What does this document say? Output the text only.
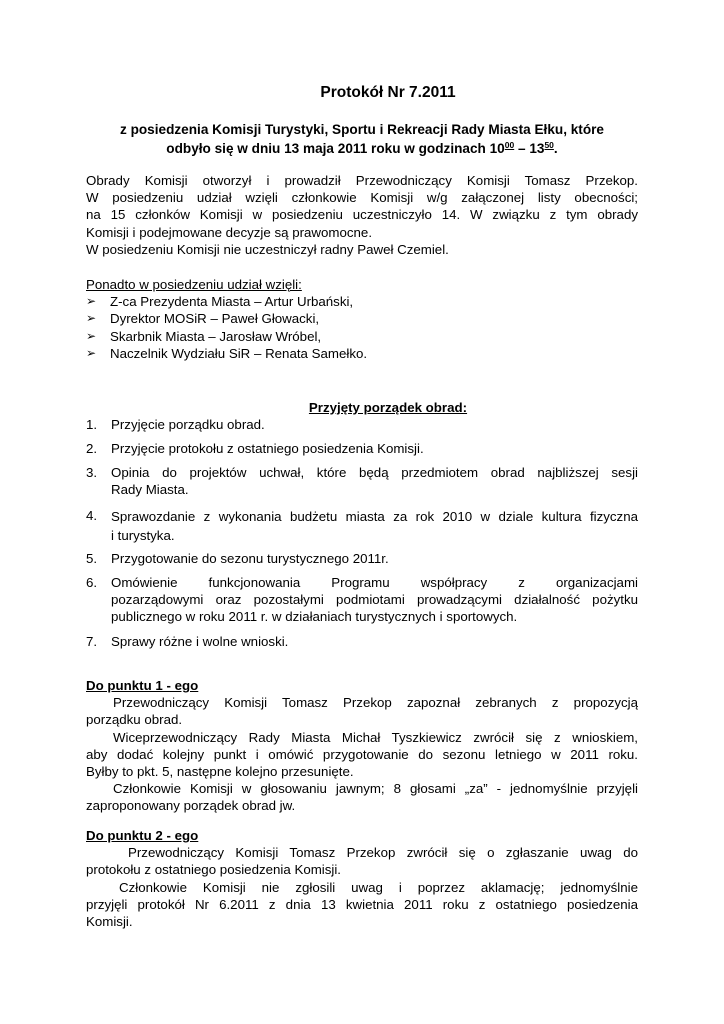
Protokół Nr 7.2011
z posiedzenia Komisji Turystyki, Sportu i Rekreacji Rady Miasta Ełku, które
odbyło się w dniu 13 maja 2011 roku w godzinach $10^{00} - 13^{50}$.
Obrady Komisji otworzył i prowadził Przewodniczący Komisji Tomasz Przekop.
W posiedzeniu udział wzięli członkowie Komisji w/g załączonej listy obecności;
na 15 członków Komisji w posiedzeniu uczestniczyło 14. W związku z tym obrady
Komisji i podejmowane decyzje są prawomocne.
W posiedzeniu Komisji nie uczestniczył radny Paweł Czemiel.
Ponadto w posiedzeniu udział wzięli:
➢ Z-ca Prezydenta Miasta – Artur Urbański,
➢ Dyrektor MOSiR – Paweł Głowacki,
➢ Skarbnik Miasta – Jarosław Wróbel,
➢ Naczelnik Wydziału SiR – Renata Samełko.
Przyjęty porządek obrad:
1.	Przyjęcie porządku obrad.
2.	Przyjęcie protokołu z ostatniego posiedzenia Komisji.
3.	Opinia do projektów uchwał, które będą przedmiotem obrad najbliższej sesji
Rady Miasta.
4.	Sprawozdanie z wykonania budżetu miasta za rok 2010 w dziale kultura fizyczna
i turystyka.
5.	Przygotowanie do sezonu turystycznego 2011r.
6.	Omówienie funkcjonowania Programu współpracy z organizacjami
pozarządowymi oraz pozostałymi podmiotami prowadzącymi działalność pożytku
publicznego w roku 2011 r. w działaniach turystycznych i sportowych.
7.	Sprawy różne i wolne wnioski.
Do punktu 1 - ego
Przewodniczący Komisji Tomasz Przekop zapoznał zebranych z propozycją
porządku obrad.
Wiceprzewodniczący Rady Miasta Michał Tyszkiewicz zwrócił się z wnioskiem,
aby dodać kolejny punkt i omówić przygotowanie do sezonu letniego w 2011 roku.
Byłby to pkt. 5, następne kolejno przesunięte.
Członkowie Komisji w głosowaniu jawnym; 8 głosami „za” - jednomyślnie przyjęli
zaproponowany porządek obrad jw.
Do punktu 2 - ego
Przewodniczący Komisji Tomasz Przekop zwrócił się o zgłaszanie uwag do
protokołu z ostatniego posiedzenia Komisji.
Członkowie Komisji nie zgłosili uwag i poprzez aklamację; jednomyślnie
przyjęli protokół Nr 6.2011 z dnia 13 kwietnia 2011 roku z ostatniego posiedzenia
Komisji.
